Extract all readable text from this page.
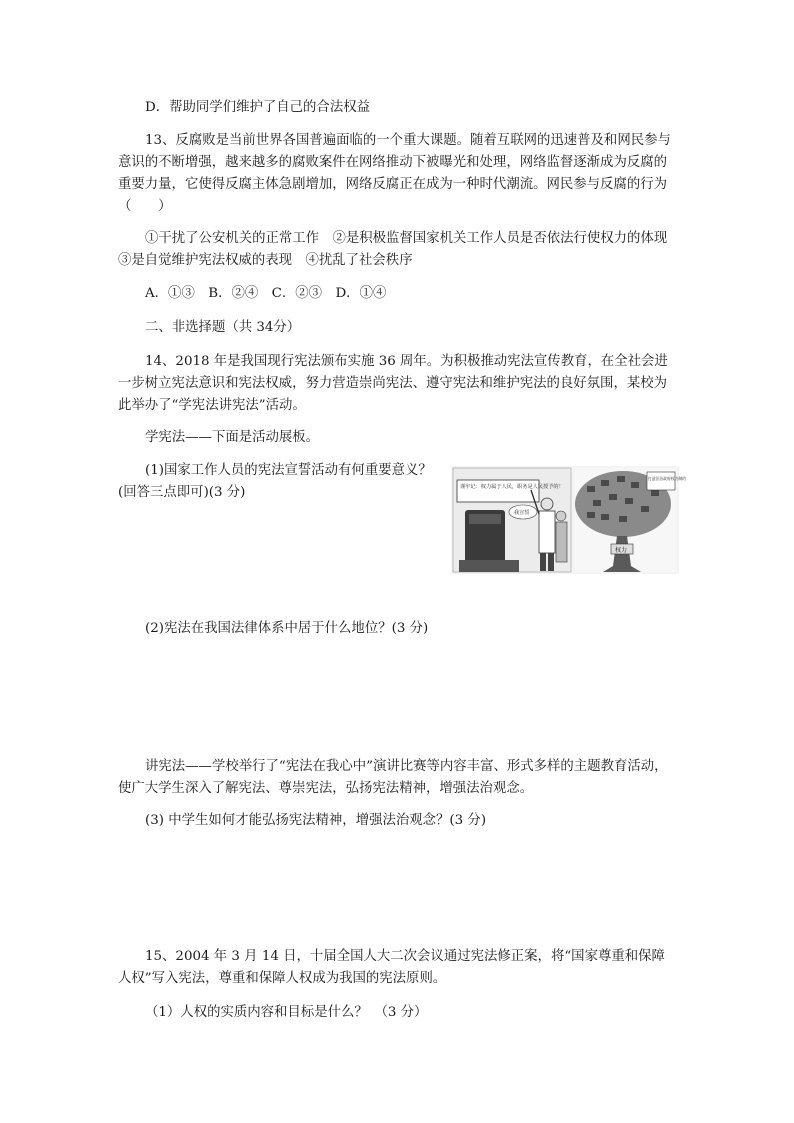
D．帮助同学们维护了自己的合法权益

13、反腐败是当前世界各国普遍面临的一个重大课题。随着互联网的迅速普及和网民参与意识的不断增强，越来越多的腐败案件在网络推动下被曝光和处理，网络监督逐渐成为反腐的重要力量，它使得反腐主体急剧增加，网络反腐正在成为一种时代潮流。网民参与反腐的行为（　　）

①干扰了公安机关的正常工作　②是积极监督国家机关工作人员是否依法行使权力的体现　③是自觉维护宪法权威的表现　④扰乱了社会秩序

A．①③　B．②④　C．②③　D．①④

二、非选择题（共 34分）

14、2018 年是我国现行宪法颁布实施 36 周年。为积极推动宪法宣传教育，在全社会进一步树立宪法意识和宪法权威，努力营造崇尚宪法、遵守宪法和维护宪法的良好氛围，某校为此举办了“学宪法讲宪法”活动。

学宪法——下面是活动展板。

(1)国家工作人员的宪法宣誓活动有何重要意义？

(回答三点即可)(3 分)	谨牢记：权力属于人民，职务是人民授予的！
我宣誓
打造法治政府权力制约
权力

(2)宪法在我国法律体系中居于什么地位？(3 分)

讲宪法——学校举行了“宪法在我心中”演讲比赛等内容丰富、形式多样的主题教育活动，使广大学生深入了解宪法、尊崇宪法，弘扬宪法精神，增强法治观念。

(3) 中学生如何才能弘扬宪法精神，增强法治观念？(3 分)

15、2004 年 3 月 14 日，十届全国人大二次会议通过宪法修正案，将“国家尊重和保障人权”写入宪法，尊重和保障人权成为我国的宪法原则。

（1）人权的实质内容和目标是什么？　（3 分）
